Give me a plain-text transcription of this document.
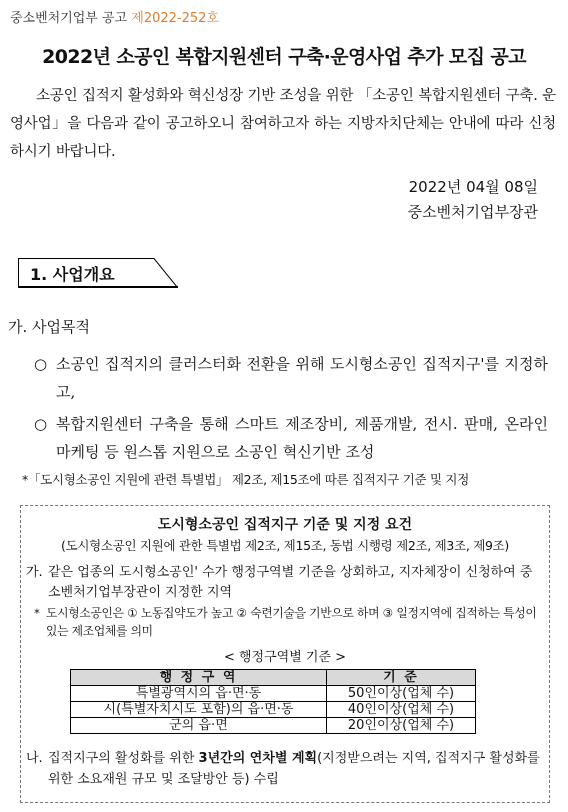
중소벤처기업부 공고 제2022-252호
2022년 소공인 복합지원센터 구축·운영사업 추가 모집 공고
소공인 집적지 활성화와 혁신성장 기반 조성을 위한 「소공인 복합지원센터 구축. 운영사업」을 다음과 같이 공고하오니 참여하고자 하는 지방자치단체는 안내에 따라 신청하시기 바랍니다.
2022년 04월 08일
중소벤처기업부장관
1. 사업개요
가. 사업목적
○ 소공인 집적지의 클러스터화 전환을 위해 도시형소공인 집적지구'를 지정하고,
○ 복합지원센터 구축을 통해 스마트 제조장비, 제품개발, 전시. 판매, 온라인 마케팅 등 원스톱 지원으로 소공인 혁신기반 조성
*「도시형소공인 지원에 관련 특별법」 제2조, 제15조에 따른 집적지구 기준 및 지정
도시형소공인 집적지구 기준 및 지정 요건
(도시형소공인 지원에 관한 특별법 제2조, 제15조, 동법 시행령 제2조, 제3조, 제9조)
가. 같은 업종의 도시형소공인' 수가 행정구역별 기준을 상회하고, 지자체장이 신청하여 중소벤처기업부장관이 지정한 지역
* 도시형소공인은 ① 노동집약도가 높고 ② 숙련기술을 기반으로 하며 ③ 일정지역에 집적하는 특성이 있는 제조업체를 의미
< 행정구역별 기준 >
행 정 구 역	기 준
특별광역시의 읍·면·동	50인이상(업체 수)
시(특별자치시도 포함)의 읍·면·동	40인이상(업체 수)
군의 읍·면	20인이상(업체 수)
나. 집적지구의 활성화를 위한 3년간의 연차별 계획(지정받으려는 지역, 집적지구 활성화를 위한 소요재원 규모 및 조달방안 등) 수립
